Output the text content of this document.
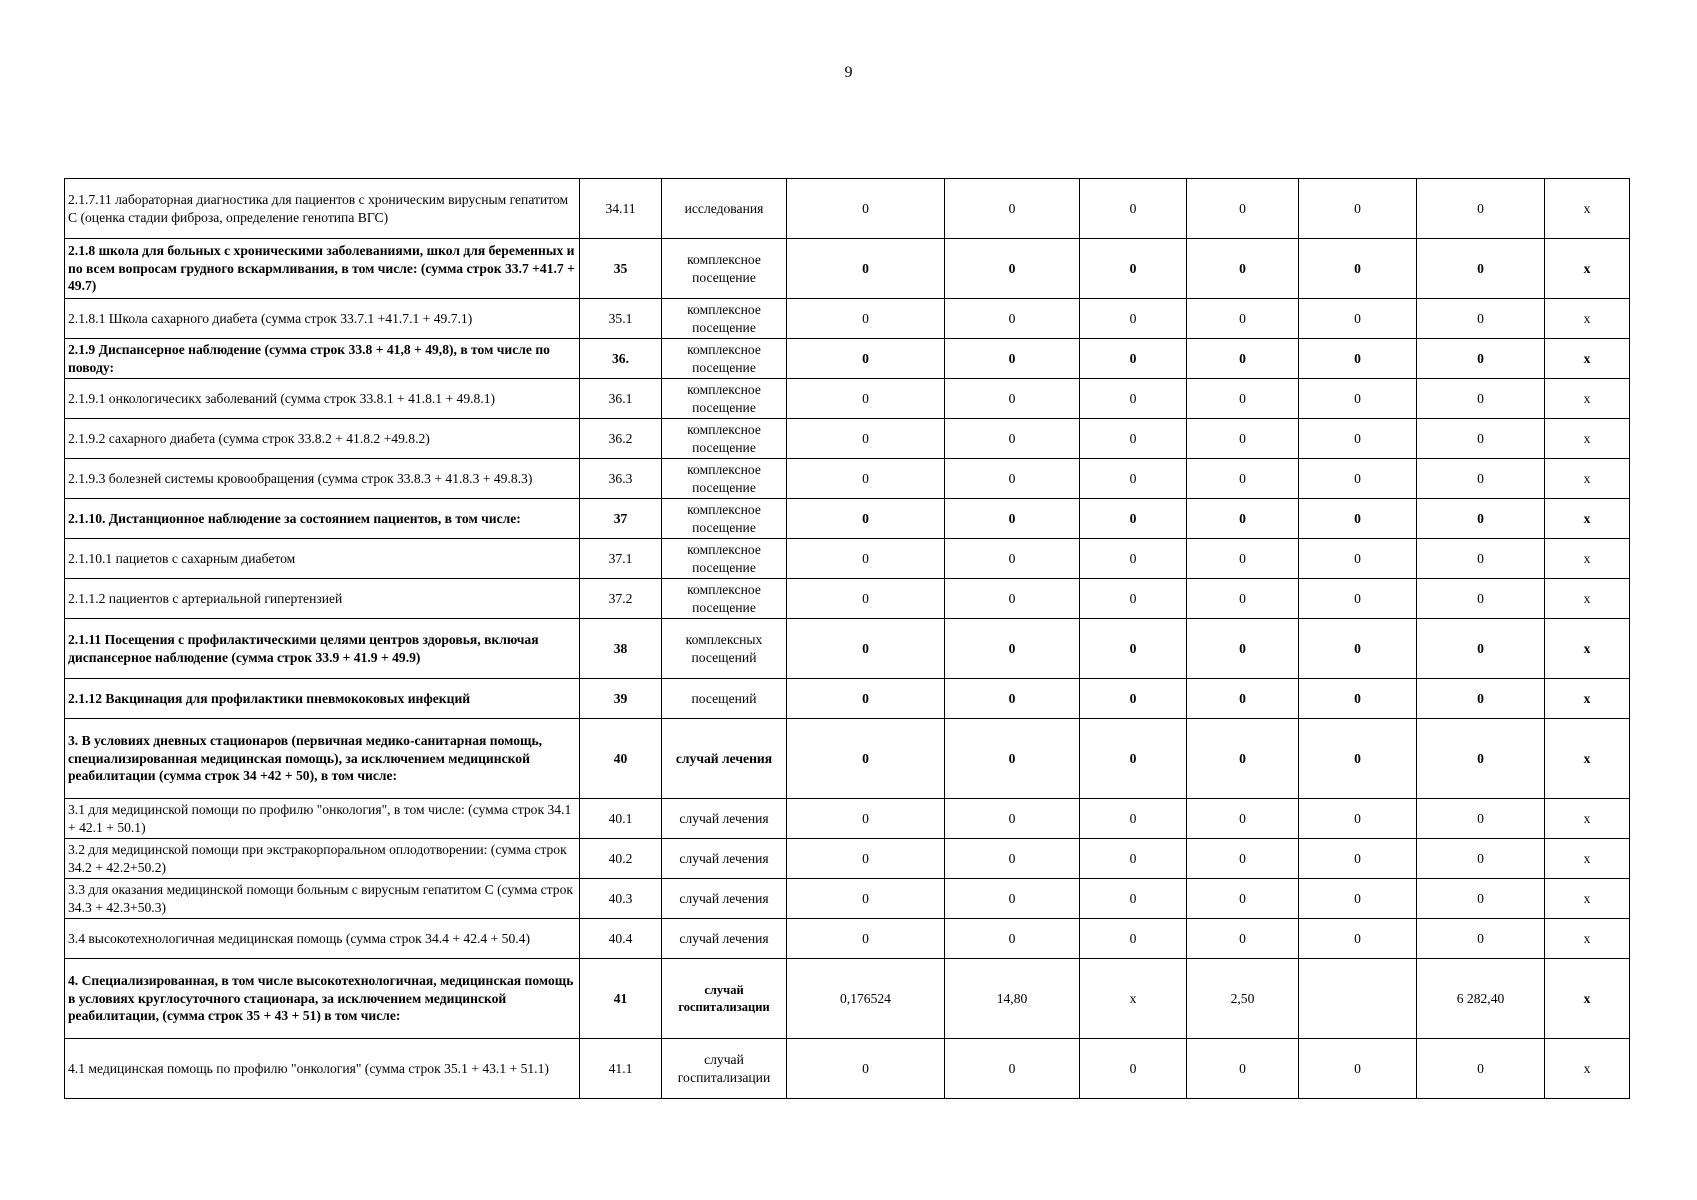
9
2.1.7.11 лабораторная диагностика для пациентов с хроническим вирусным гепатитом С (оценка стадии фиброза, определение генотипа ВГС)	34.11	исследования	0	0	0	0	0	0	х
2.1.8 школа для больных с хроническими заболеваниями, школ для беременных и по всем вопросам грудного вскармливания, в том числе: (сумма строк 33.7 +41.7 + 49.7)	35	комплексное посещение	0	0	0	0	0	0	х
2.1.8.1 Школа сахарного диабета (сумма строк 33.7.1 +41.7.1 + 49.7.1)	35.1	комплексное посещение	0	0	0	0	0	0	х
2.1.9 Диспансерное наблюдение (сумма строк 33.8 + 41,8 + 49,8), в том числе по поводу:	36.	комплексное посещение	0	0	0	0	0	0	х
2.1.9.1 онкологичесикх заболеваний (сумма строк 33.8.1 + 41.8.1 + 49.8.1)	36.1	комплексное посещение	0	0	0	0	0	0	х
2.1.9.2 сахарного диабета (сумма строк 33.8.2 + 41.8.2 +49.8.2)	36.2	комплексное посещение	0	0	0	0	0	0	х
2.1.9.3 болезней системы кровообращения (сумма строк 33.8.3 + 41.8.3 + 49.8.3)	36.3	комплексное посещение	0	0	0	0	0	0	х
2.1.10. Дистанционное наблюдение за состоянием пациентов, в том числе:	37	комплексное посещение	0	0	0	0	0	0	х
2.1.10.1 пациетов с сахарным диабетом	37.1	комплексное посещение	0	0	0	0	0	0	х
2.1.1.2 пациентов с артериальной гипертензией	37.2	комплексное посещение	0	0	0	0	0	0	х
2.1.11 Посещения с профилактическими целями центров здоровья, включая диспансерное наблюдение (сумма строк 33.9 + 41.9 + 49.9)	38	комплексных посещений	0	0	0	0	0	0	х
2.1.12 Вакцинация для профилактики пневмококовых инфекций	39	посещений	0	0	0	0	0	0	х
3. В условиях дневных стационаров (первичная медико-санитарная помощь, специализированная медицинская помощь), за исключением медицинской реабилитации (сумма строк 34 +42 + 50), в том числе:	40	случай лечения	0	0	0	0	0	0	х
3.1 для медицинской помощи по профилю "онкология", в том числе: (сумма строк 34.1 + 42.1 + 50.1)	40.1	случай лечения	0	0	0	0	0	0	х
3.2 для медицинской помощи при экстракорпоральном оплодотворении: (сумма строк 34.2 + 42.2+50.2)	40.2	случай лечения	0	0	0	0	0	0	х
3.3 для оказания медицинской помощи больным с вирусным гепатитом С (сумма строк 34.3 + 42.3+50.3)	40.3	случай лечения	0	0	0	0	0	0	х
3.4 высокотехнологичная медицинская помощь (сумма строк 34.4 + 42.4 + 50.4)	40.4	случай лечения	0	0	0	0	0	0	х
4. Специализированная, в том числе высокотехнологичная, медицинская помощь в условиях круглосуточного стационара, за исключением медицинской реабилитации, (сумма строк 35 + 43 + 51) в том числе:	41	случай госпитализации	0,176524	14,80	х	2,50		6 282,40	х
4.1 медицинская помощь по профилю "онкология" (сумма строк 35.1 + 43.1 + 51.1)	41.1	случай госпитализации	0	0	0	0	0	0	х
